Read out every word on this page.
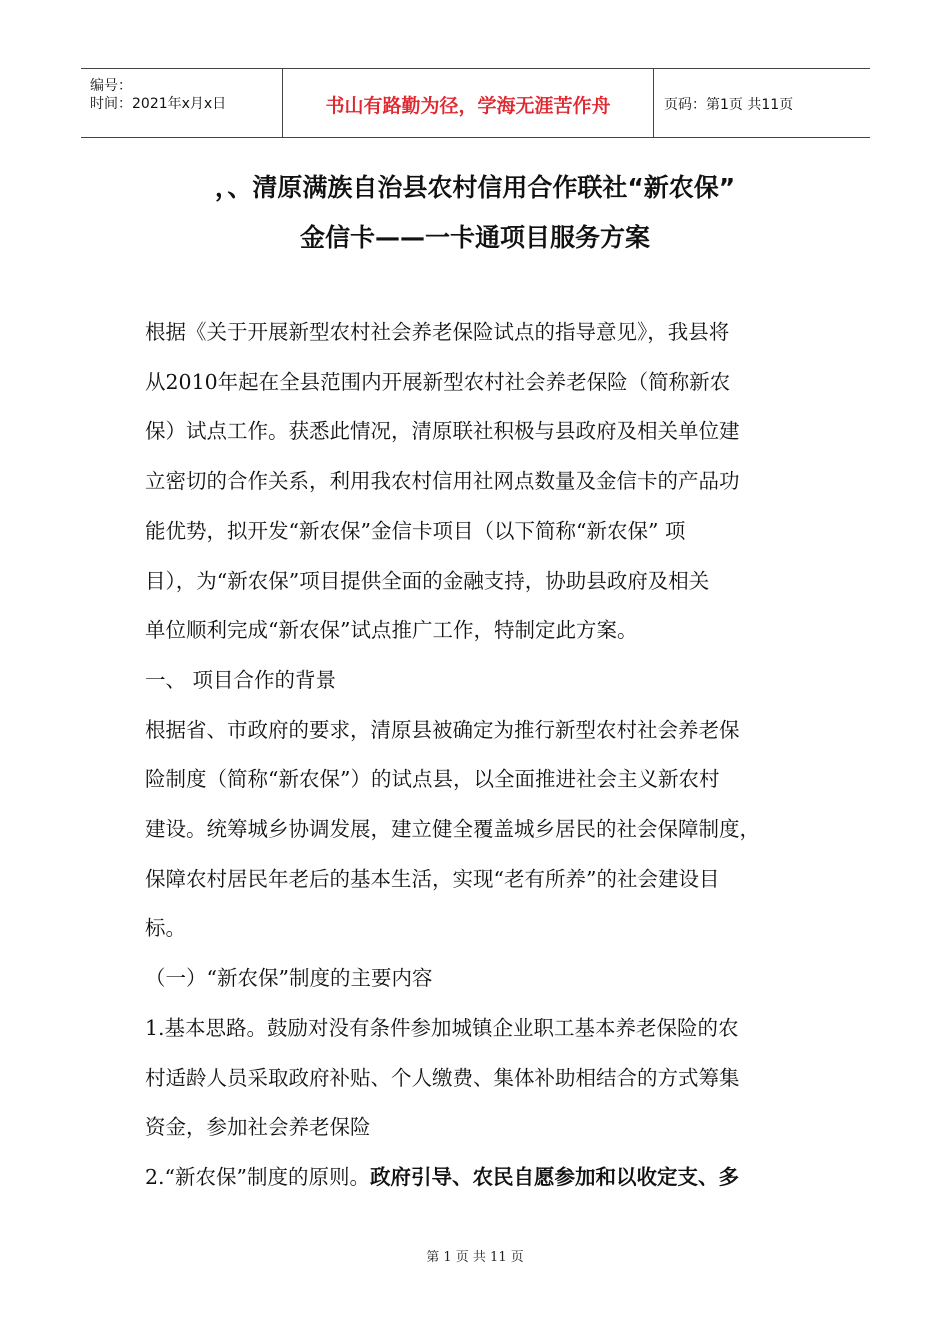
编号：
时间：2021年x月x日	书山有路勤为径，学海无涯苦作舟	页码：第1页 共11页
，、清原满族自治县农村信用合作联社“新农保”
金信卡——一卡通项目服务方案

根据《关于开展新型农村社会养老保险试点的指导意见》，我县将

从2010年起在全县范围内开展新型农村社会养老保险（简称新农

保）试点工作。获悉此情况，清原联社积极与县政府及相关单位建

立密切的合作关系，利用我农村信用社网点数量及金信卡的产品功

能优势，拟开发“新农保”金信卡项目（以下简称“新农保” 项

目），为“新农保”项目提供全面的金融支持，协助县政府及相关

单位顺利完成“新农保”试点推广工作，特制定此方案。

一、 项目合作的背景

根据省、市政府的要求，清原县被确定为推行新型农村社会养老保

险制度（简称“新农保”）的试点县，以全面推进社会主义新农村

建设。统筹城乡协调发展，建立健全覆盖城乡居民的社会保障制度，

保障农村居民年老后的基本生活，实现“老有所养”的社会建设目

标。

（一）“新农保”制度的主要内容

1.基本思路。鼓励对没有条件参加城镇企业职工基本养老保险的农

村适龄人员采取政府补贴、个人缴费、集体补助相结合的方式筹集

资金，参加社会养老保险

2.“新农保”制度的原则。政府引导、农民自愿参加和以收定支、多

第 1 页 共 11 页
